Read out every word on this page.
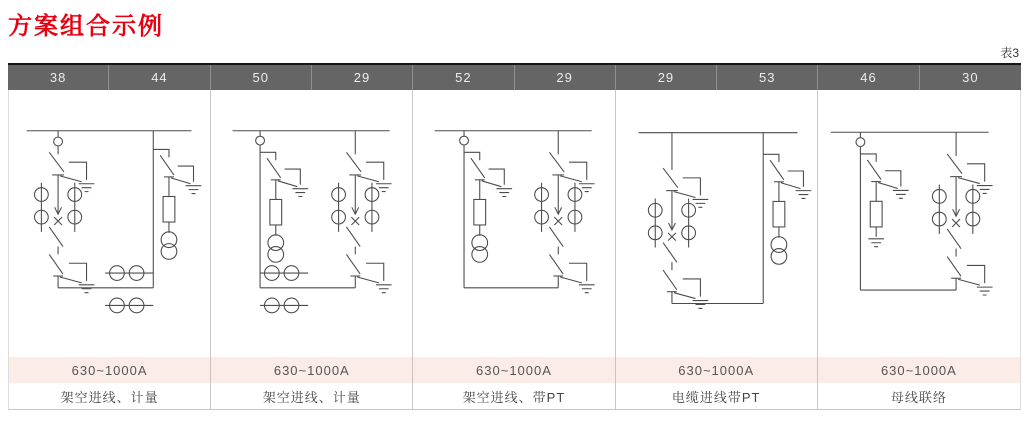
方案组合示例
表3
38	44	50	29	52	29	29	53	46	30
630~1000A	630~1000A	630~1000A	630~1000A	630~1000A
架空进线、计量	架空进线、计量	架空进线、带PT	电缆进线带PT	母线联络
